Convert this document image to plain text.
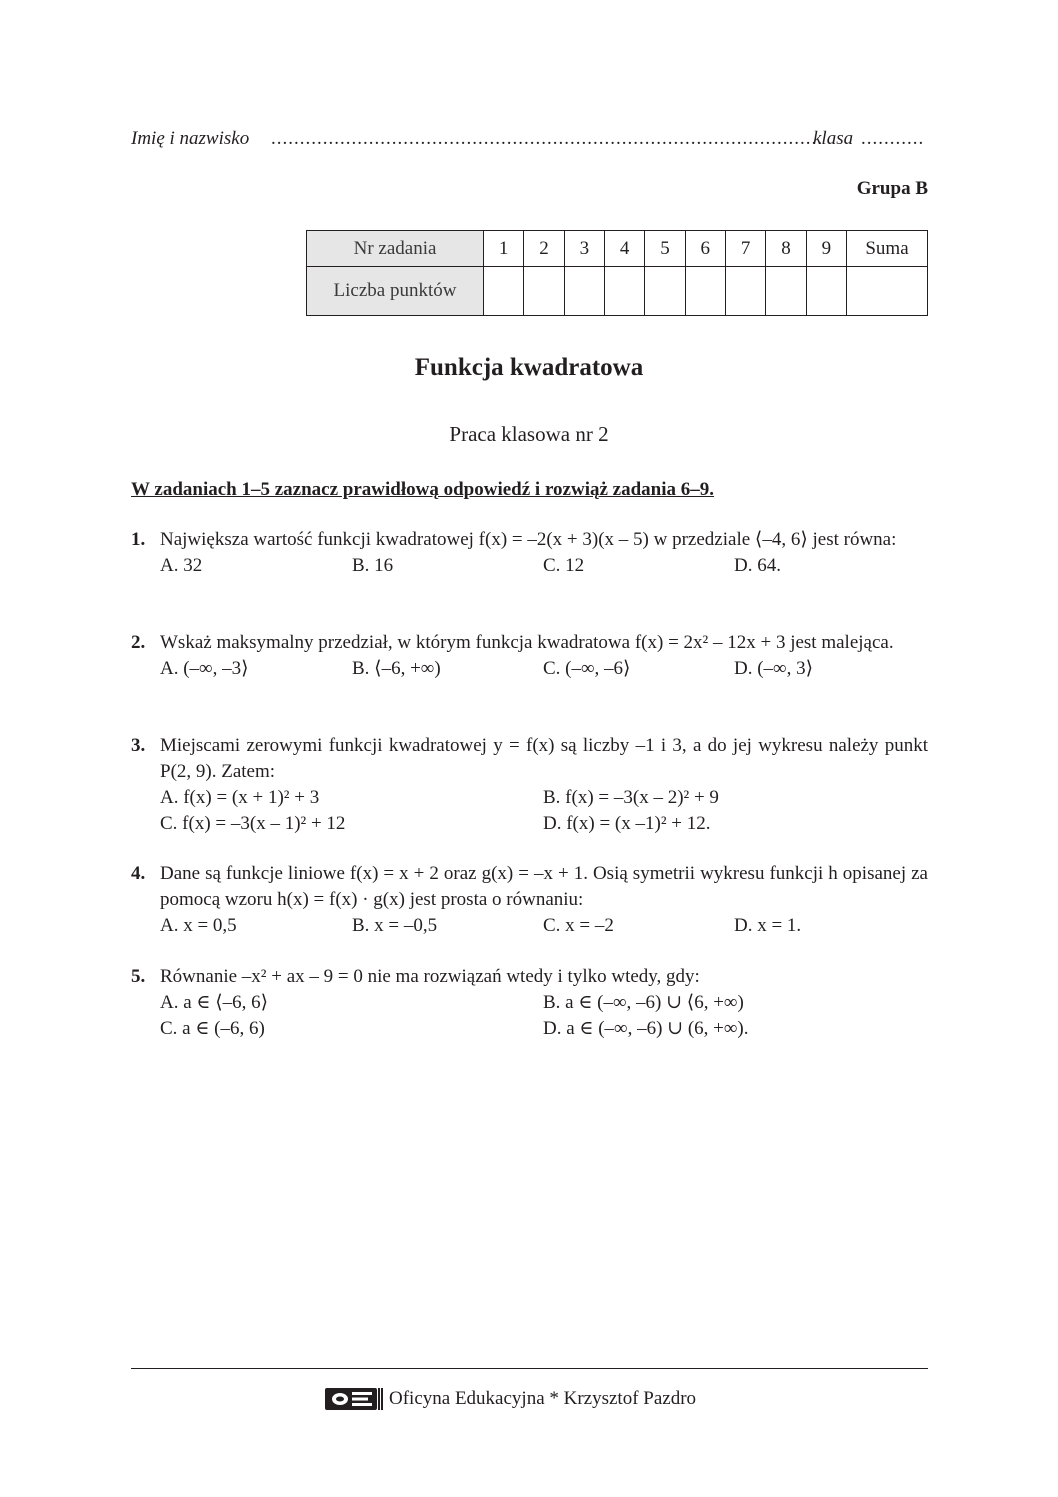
Imię i nazwisko ................................................................................................
klasa ...........
Grupa B
Nr zadania	1	2	3	4	5	6	7	8	9	Suma
Liczba punktów										
Funkcja kwadratowa
Praca klasowa nr 2
W zadaniach 1–5 zaznacz prawidłową odpowiedź i rozwiąż zadania 6–9.
1. Największa wartość funkcji kwadratowej f(x) = –2(x + 3)(x – 5) w przedziale ⟨–4, 6⟩ jest równa:
A. 32	B. 16	C. 12	D. 64.
2. Wskaż maksymalny przedział, w którym funkcja kwadratowa f(x) = 2x² – 12x + 3 jest malejąca.
A. (–∞, –3⟩	B. ⟨–6, +∞)	C. (–∞, –6⟩	D. (–∞, 3⟩
3. Miejscami zerowymi funkcji kwadratowej y = f(x) są liczby –1 i 3, a do jej wykresu należy punkt P(2, 9). Zatem:
A. f(x) = (x + 1)² + 3	B. f(x) = –3(x – 2)² + 9
C. f(x) = –3(x – 1)² + 12	D. f(x) = (x –1)² + 12.
4. Dane są funkcje liniowe f(x) = x + 2 oraz g(x) = –x + 1. Osią symetrii wykresu funkcji h opisanej za pomocą wzoru h(x) = f(x) · g(x) jest prosta o równaniu:
A. x = 0,5	B. x = –0,5	C. x = –2	D. x = 1.
5. Równanie –x² + ax – 9 = 0 nie ma rozwiązań wtedy i tylko wtedy, gdy:
A. a ∈ ⟨–6, 6⟩	B. a ∈ (–∞, –6) ∪ ⟨6, +∞)
C. a ∈ (–6, 6)	D. a ∈ (–∞, –6) ∪ (6, +∞).
Oficyna Edukacyjna * Krzysztof Pazdro
